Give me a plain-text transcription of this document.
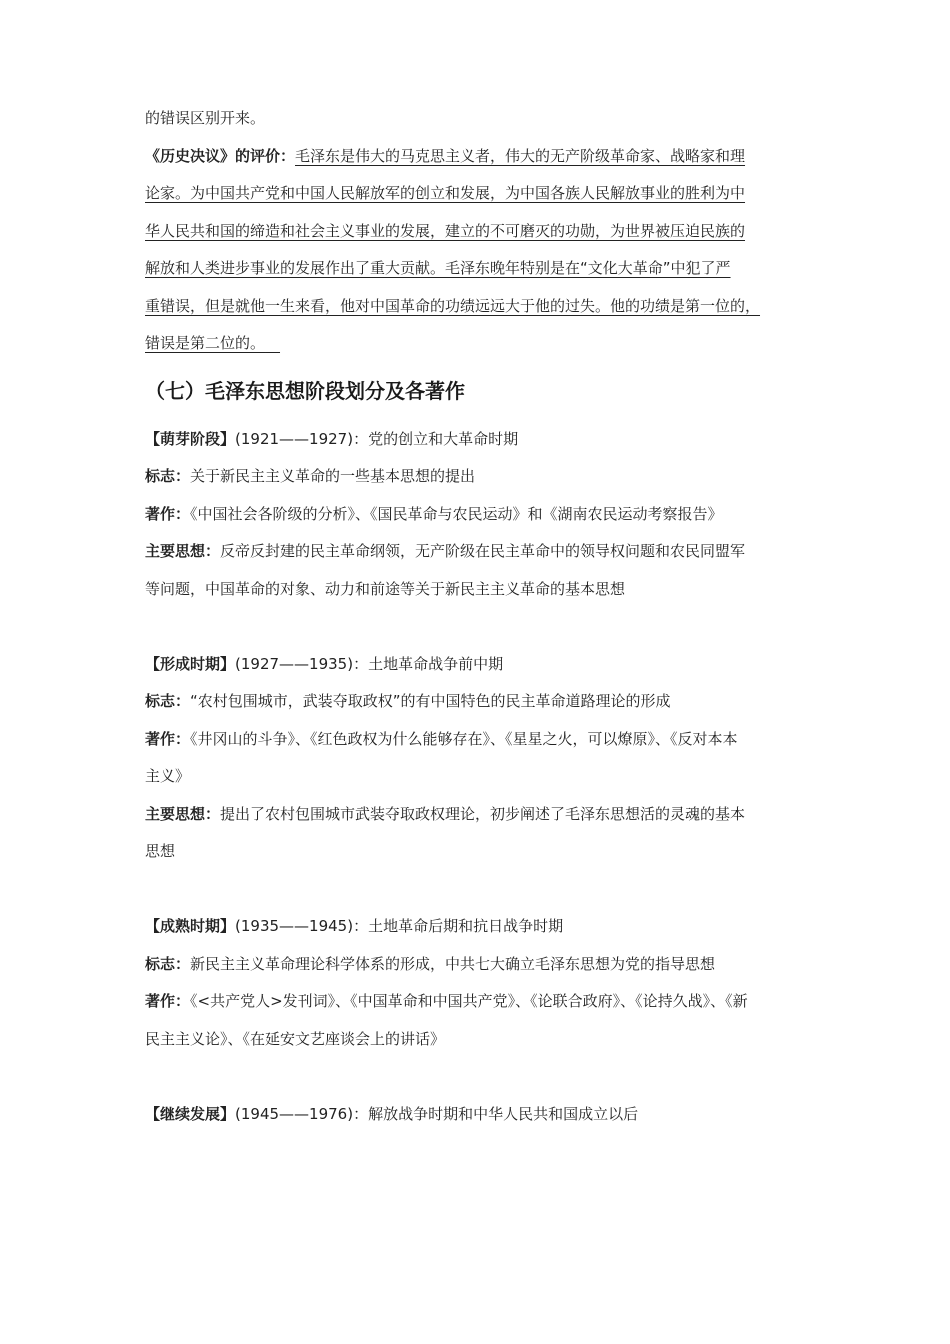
的错误区别开来。
《历史决议》的评价：毛泽东是伟大的马克思主义者，伟大的无产阶级革命家、战略家和理
论家。为中国共产党和中国人民解放军的创立和发展，为中国各族人民解放事业的胜利为中
华人民共和国的缔造和社会主义事业的发展，建立的不可磨灭的功勋，为世界被压迫民族的
解放和人类进步事业的发展作出了重大贡献。毛泽东晚年特别是在“文化大革命”中犯了严
重错误，但是就他一生来看，他对中国革命的功绩远远大于他的过失。他的功绩是第一位的，
错误是第二位的。 
（七）毛泽东思想阶段划分及各著作
【萌芽阶段】(1921——1927)：党的创立和大革命时期
标志：关于新民主主义革命的一些基本思想的提出
著作：《中国社会各阶级的分析》、《国民革命与农民运动》和《湖南农民运动考察报告》
主要思想：反帝反封建的民主革命纲领，无产阶级在民主革命中的领导权问题和农民同盟军
等问题，中国革命的对象、动力和前途等关于新民主主义革命的基本思想
【形成时期】(1927——1935)：土地革命战争前中期
标志：“农村包围城市，武装夺取政权”的有中国特色的民主革命道路理论的形成
著作：《井冈山的斗争》、《红色政权为什么能够存在》、《星星之火，可以燎原》、《反对本本
主义》
主要思想：提出了农村包围城市武装夺取政权理论，初步阐述了毛泽东思想活的灵魂的基本
思想
【成熟时期】(1935——1945)：土地革命后期和抗日战争时期
标志：新民主主义革命理论科学体系的形成，中共七大确立毛泽东思想为党的指导思想
著作：《<共产党人>发刊词》、《中国革命和中国共产党》、《论联合政府》、《论持久战》、《新
民主主义论》、《在延安文艺座谈会上的讲话》
【继续发展】(1945——1976)：解放战争时期和中华人民共和国成立以后
